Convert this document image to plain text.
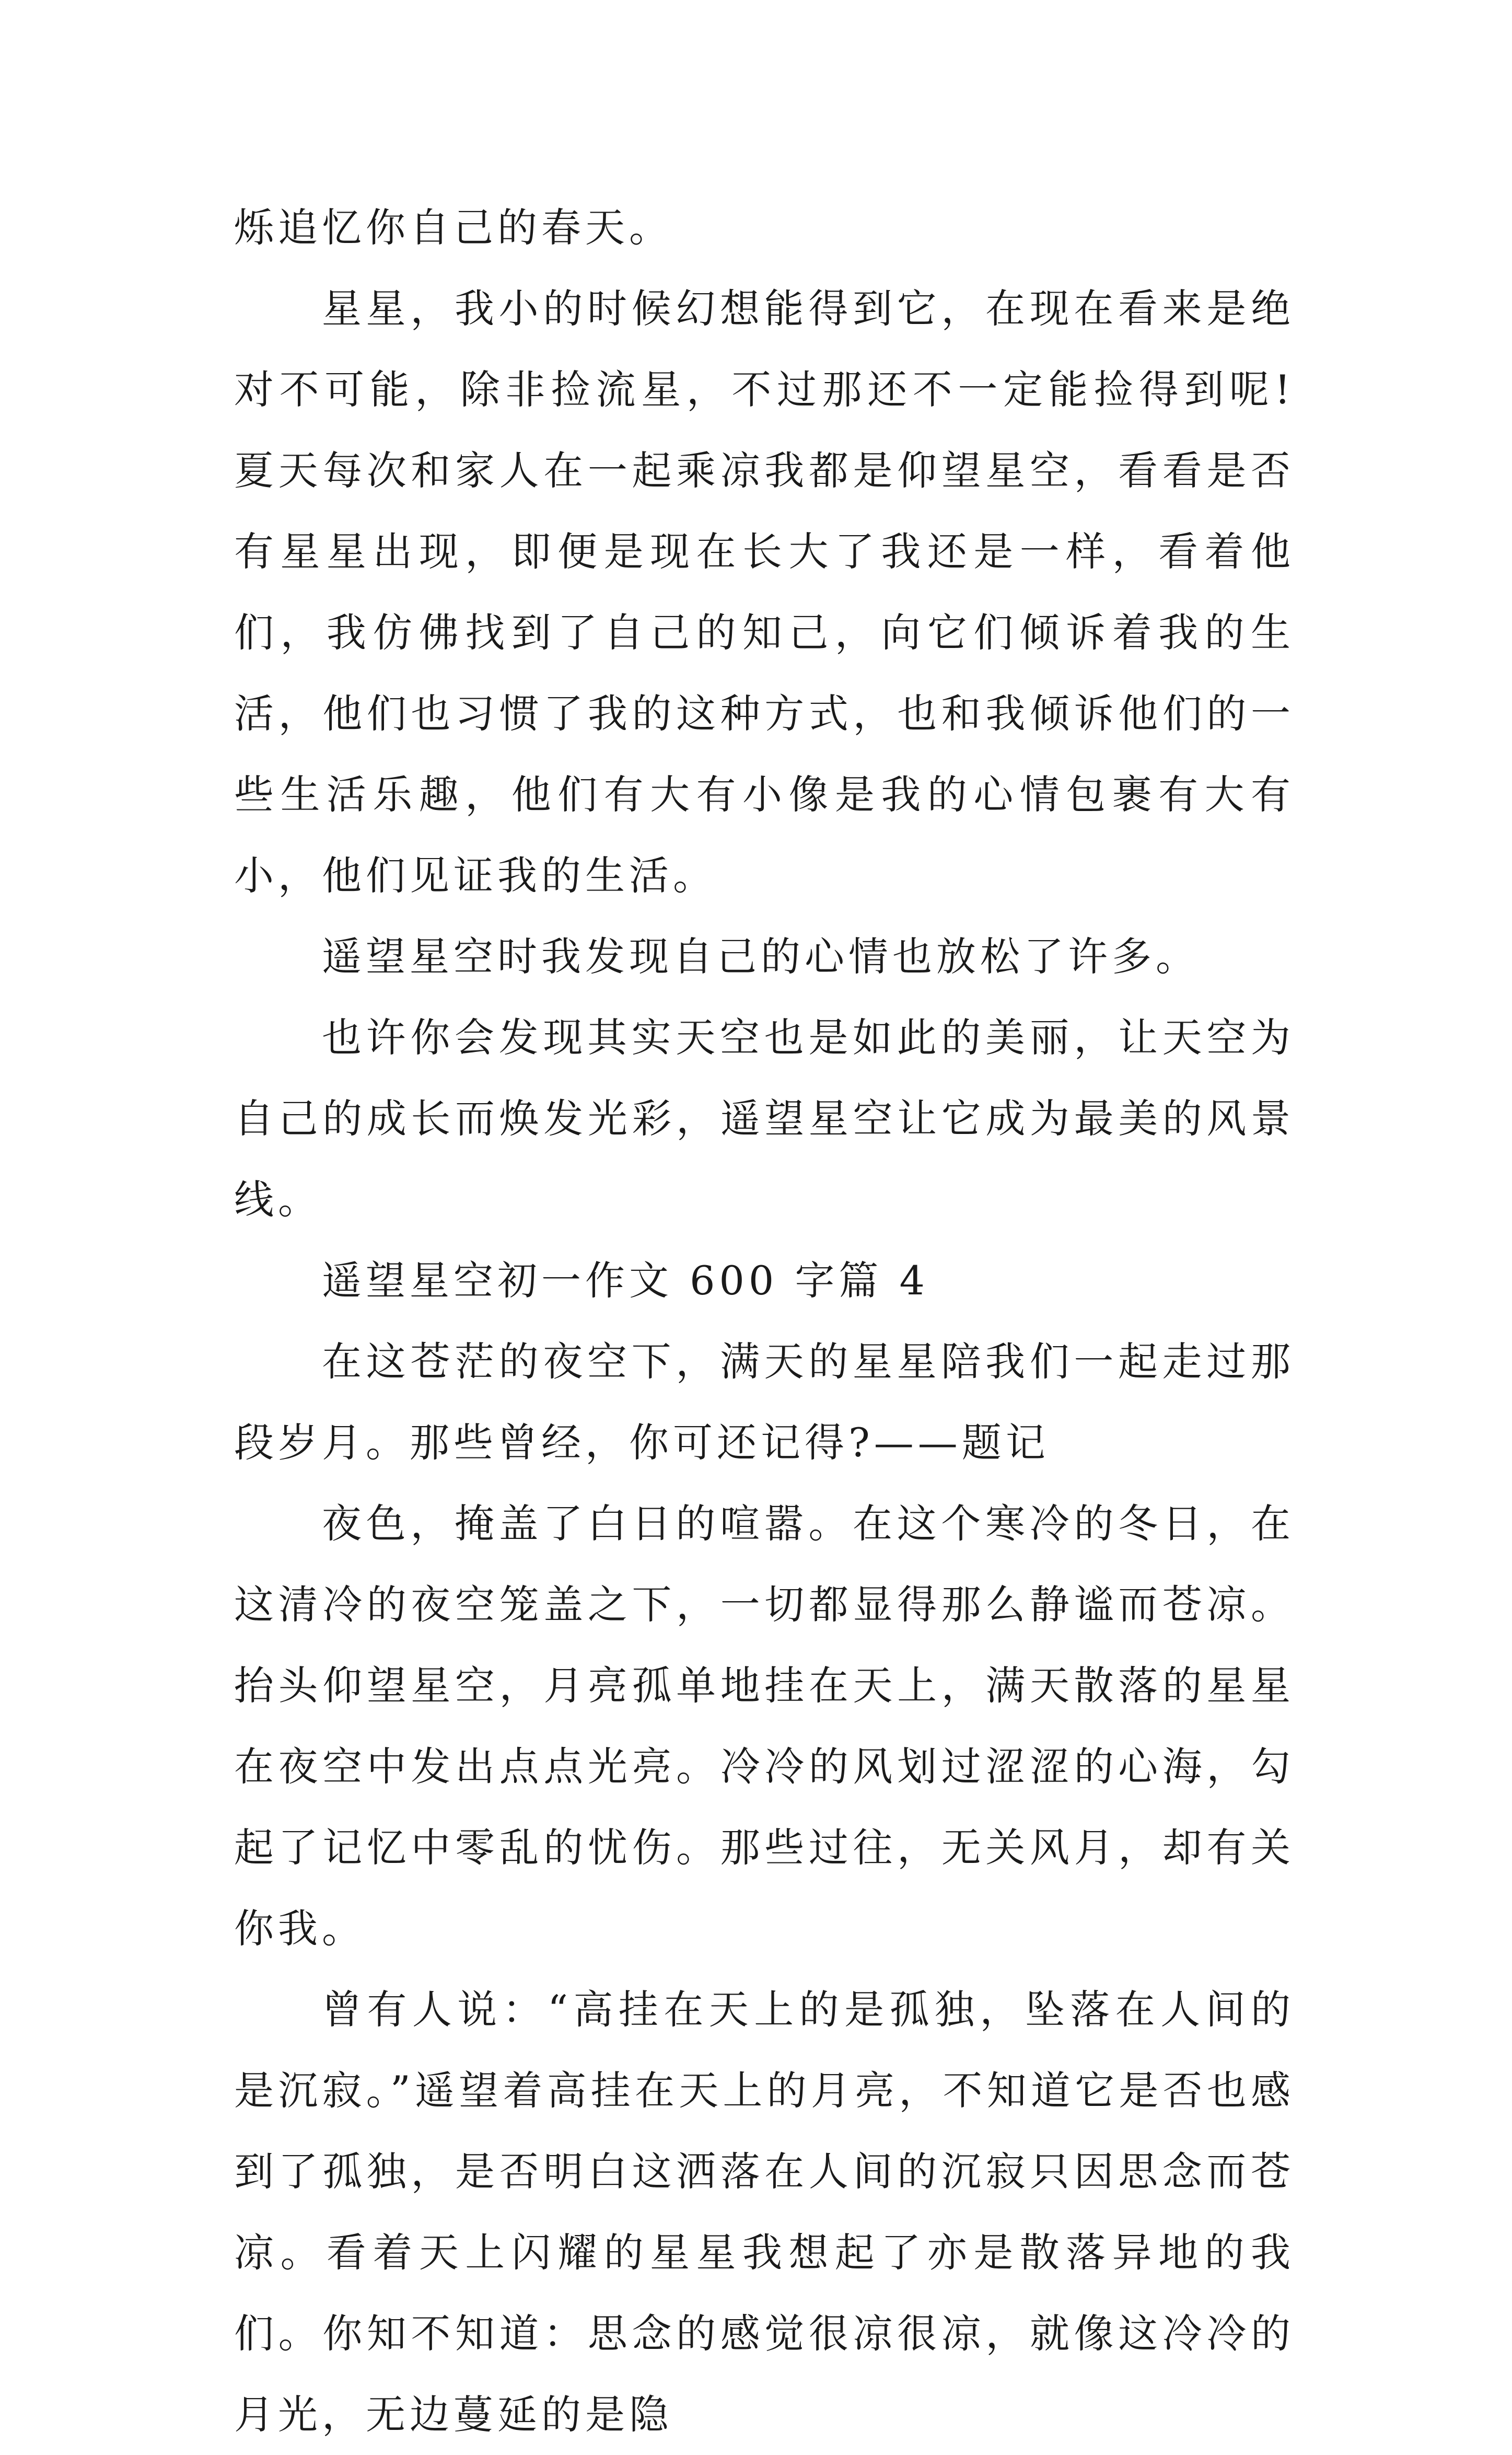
烁追忆你自己的春天。

星星，我小的时候幻想能得到它，在现在看来是绝对不可能，除非捡流星，不过那还不一定能捡得到呢!夏天每次和家人在一起乘凉我都是仰望星空，看看是否有星星出现，即便是现在长大了我还是一样，看着他们，我仿佛找到了自己的知己，向它们倾诉着我的生活，他们也习惯了我的这种方式，也和我倾诉他们的一些生活乐趣，他们有大有小像是我的心情包裹有大有小，他们见证我的生活。

遥望星空时我发现自己的心情也放松了许多。

也许你会发现其实天空也是如此的美丽，让天空为自己的成长而焕发光彩，遥望星空让它成为最美的风景线。

遥望星空初一作文 600 字篇 4

在这苍茫的夜空下，满天的星星陪我们一起走过那段岁月。那些曾经，你可还记得?——题记

夜色，掩盖了白日的喧嚣。在这个寒冷的冬日，在这清冷的夜空笼盖之下，一切都显得那么静谧而苍凉。抬头仰望星空，月亮孤单地挂在天上，满天散落的星星在夜空中发出点点光亮。冷冷的风划过涩涩的心海，勾起了记忆中零乱的忧伤。那些过往，无关风月，却有关你我。

曾有人说：“高挂在天上的是孤独，坠落在人间的是沉寂。”遥望着高挂在天上的月亮，不知道它是否也感到了孤独，是否明白这洒落在人间的沉寂只因思念而苍凉。看着天上闪耀的星星我想起了亦是散落异地的我们。你知不知道：思念的感觉很凉很凉，就像这冷冷的月光，无边蔓延的是隐
